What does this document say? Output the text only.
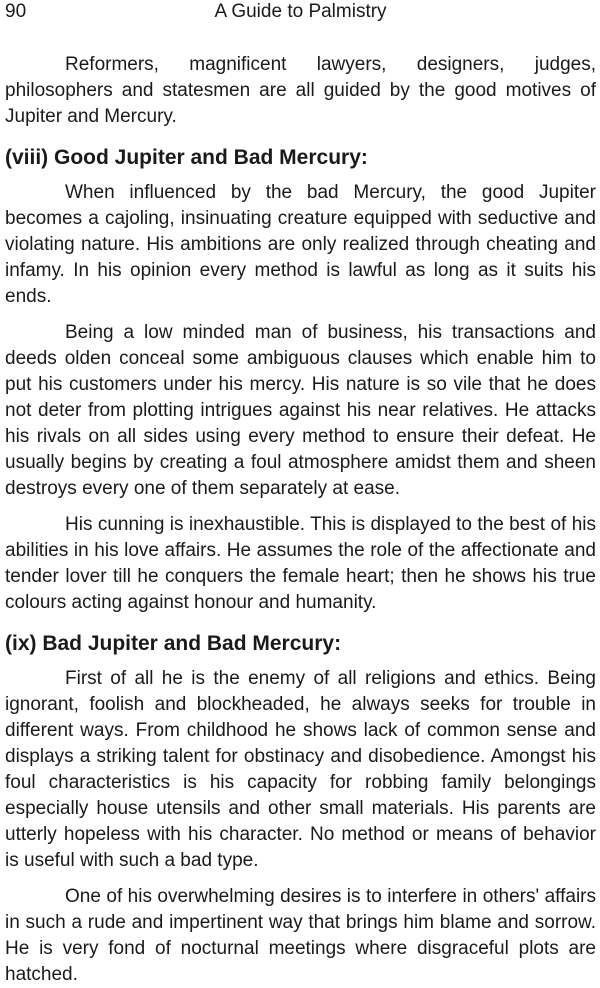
90	A Guide to Palmistry

Reformers, magnificent lawyers, designers, judges, philosophers and statesmen are all guided by the good motives of Jupiter and Mercury.

(viii) Good Jupiter and Bad Mercury:

When influenced by the bad Mercury, the good Jupiter becomes a cajoling, insinuating creature equipped with seductive and violating nature. His ambitions are only realized through cheating and infamy. In his opinion every method is lawful as long as it suits his ends.

Being a low minded man of business, his transactions and deeds olden conceal some ambiguous clauses which enable him to put his customers under his mercy. His nature is so vile that he does not deter from plotting intrigues against his near relatives. He attacks his rivals on all sides using every method to ensure their defeat. He usually begins by creating a foul atmosphere amidst them and sheen destroys every one of them separately at ease.

His cunning is inexhaustible. This is displayed to the best of his abilities in his love affairs. He assumes the role of the affectionate and tender lover till he conquers the female heart; then he shows his true colours acting against honour and humanity.

(ix) Bad Jupiter and Bad Mercury:

First of all he is the enemy of all religions and ethics. Being ignorant, foolish and blockheaded, he always seeks for trouble in different ways. From childhood he shows lack of common sense and displays a striking talent for obstinacy and disobedience. Amongst his foul characteristics is his capacity for robbing family belongings especially house utensils and other small materials. His parents are utterly hopeless with his character. No method or means of behavior is useful with such a bad type.

One of his overwhelming desires is to interfere in others' affairs in such a rude and impertinent way that brings him blame and sorrow. He is very fond of nocturnal meetings where disgraceful plots are hatched.
